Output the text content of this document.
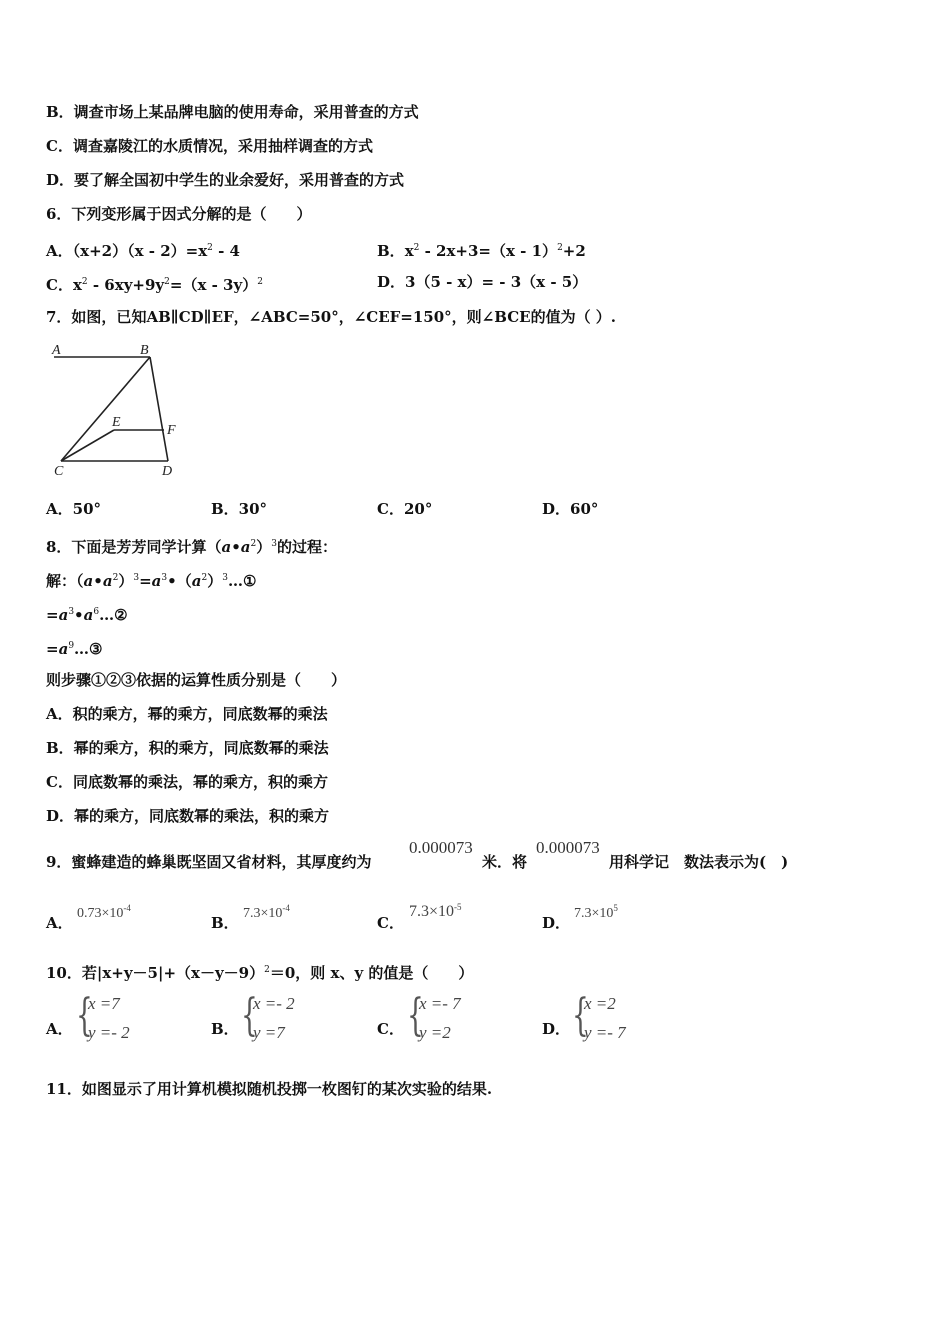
B．调查市场上某品牌电脑的使用寿命，采用普查的方式
C．调查嘉陵江的水质情况，采用抽样调查的方式
D．要了解全国初中学生的业余爱好，采用普查的方式
6．下列变形属于因式分解的是（　　）
A．$(x+2)(x - 2)=x^2 - 4$	B．$x^2 - 2x+3=(x - 1)^2+2$
C．$x^2 - 6xy+9y^2=(x - 3y)^2$	D．3（5 - x）= - 3（x - 5）
7．如图，已知AB∥CD∥EF，∠ABC=50°，∠CEF=150°，则∠BCE的值为（ ）.
A	B
E
F
C	D
A．50°	B．30°	C．20°	D．60°
8．下面是芳芳同学计算$(a•a^2)^3$的过程：
解：$(a•a^2)^3=a^3•(a^2)^3\dots ①$
$=a^3•a^6\dots ②$
$=a^9\dots ③$
则步骤①②③依据的运算性质分别是（　　）
A．积的乘方，幂的乘方，同底数幂的乘法
B．幂的乘方，积的乘方，同底数幂的乘法
C．同底数幂的乘法，幂的乘方，积的乘方
D．幂的乘方，同底数幂的乘法，积的乘方
9．蜜蜂建造的蜂巢既坚固又省材料，其厚度约为
0.000073
米．将
0.000073
用科学记　数法表示为(　)
A．
$0.73\times 10^{-4}$
B．
$7.3\times 10^{-4}$
C．
$7.3\times 10^{-5}$
D．
$7.3\times 10^5$
10．若$|x+y-5|+(x-y-9)^2=0$，则 x、y 的值是（　　）
A． {
x =7
y =- 2	B． {
x =- 2
y =7	C． {
x =- 7
y =2	D． {
x =2
y =- 7
11．如图显示了用计算机模拟随机投掷一枚图钉的某次实验的结果.
